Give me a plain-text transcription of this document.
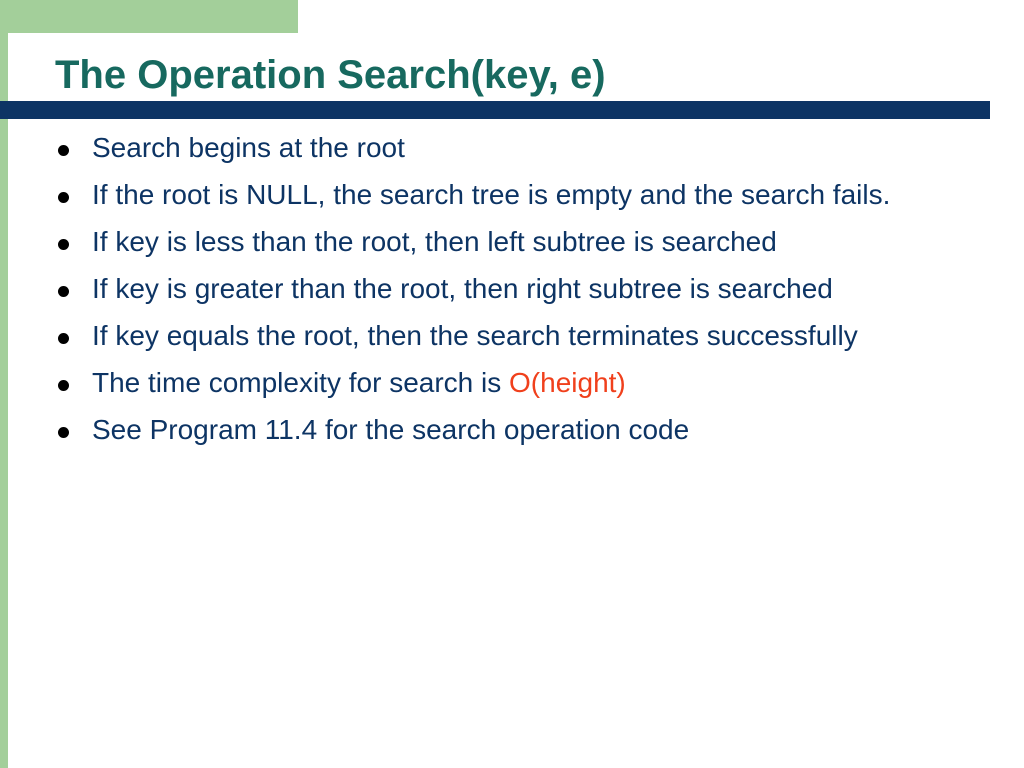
The Operation Search(key, e)
Search begins at the root
If the root is NULL, the search tree is empty and the search fails.
If key is less than the root, then left subtree is searched
If key is greater than the root, then right subtree is searched
If key equals the root, then the search terminates successfully
The time complexity for search is O(height)
See Program 11.4 for the search operation code
